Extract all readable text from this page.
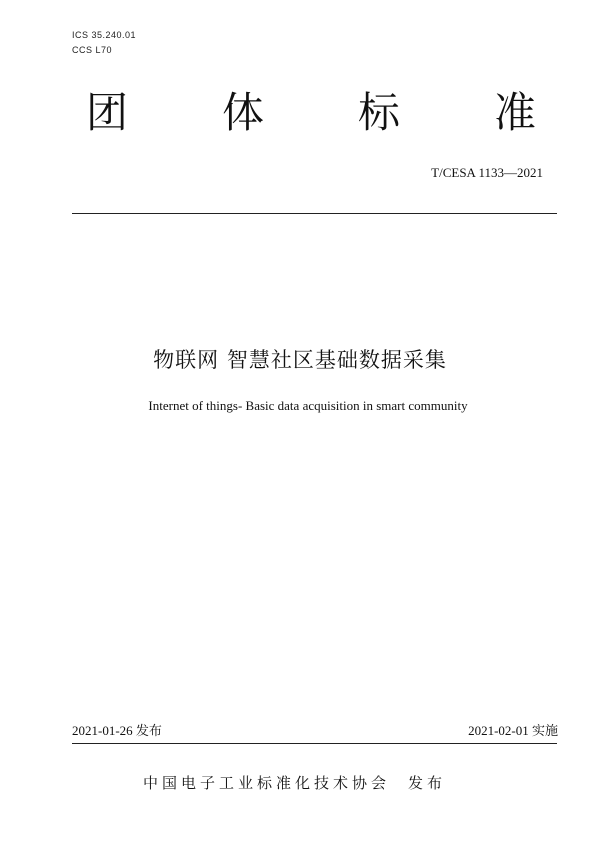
ICS 35.240.01
CCS L70
团 体 标 准
T/CESA 1133—2021
物联网 智慧社区基础数据采集
Internet of things- Basic data acquisition in smart community
2021-01-26 发布	2021-02-01 实施
中国电子工业标准化技术协会 发布
